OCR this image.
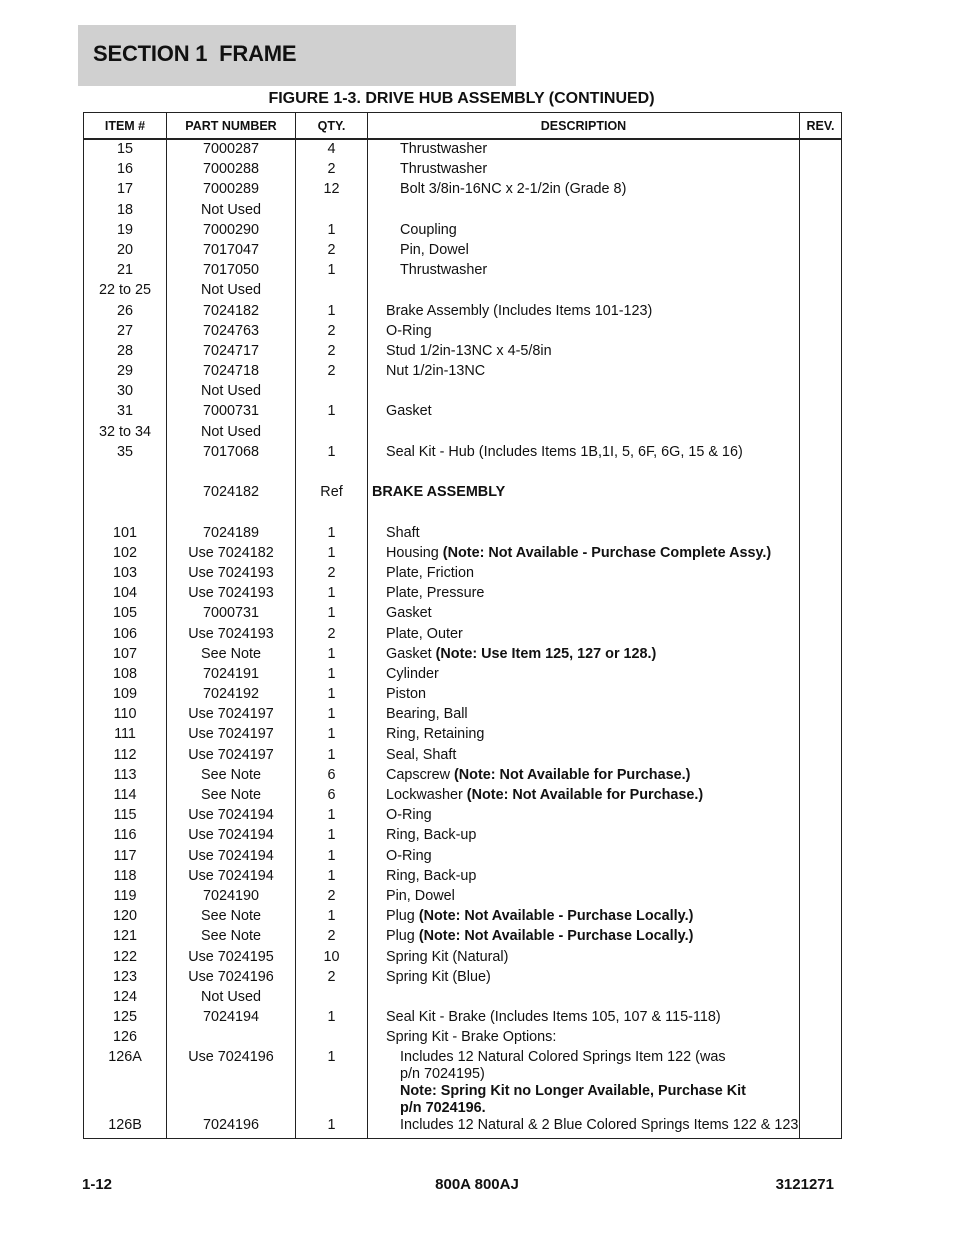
SECTION 1  FRAME
FIGURE 1-3. DRIVE HUB ASSEMBLY (CONTINUED)
ITEM #	PART NUMBER	QTY.	DESCRIPTION	REV.
15	7000287	4	Thrustwasher	

16	7000288	2	Thrustwasher	

17	7000289	12	Bolt 3/8in-16NC x 2-1/2in (Grade 8)	

18	Not Used		

19	7000290	1	Coupling	

20	7017047	2	Pin, Dowel	

21	7017050	1	Thrustwasher	

22 to 25	Not Used		

26	7024182	1	Brake Assembly (Includes Items 101-123)	

27	7024763	2	O-Ring	

28	7024717	2	Stud 1/2in-13NC x 4-5/8in	

29	7024718	2	Nut 1/2in-13NC	

30	Not Used		

31	7000731	1	Gasket	

32 to 34	Not Used		

35	7017068	1	Seal Kit - Hub (Includes Items 1B,1I, 5, 6F, 6G, 15 & 16)	

	7024182	Ref	BRAKE ASSEMBLY	

101	7024189	1	Shaft	

102	Use 7024182	1	Housing (Note: Not Available - Purchase Complete Assy.)	

103	Use 7024193	2	Plate, Friction	

104	Use 7024193	1	Plate, Pressure	

105	7000731	1	Gasket	

106	Use 7024193	2	Plate, Outer	

107	See Note	1	Gasket (Note: Use Item 125, 127 or 128.)	

108	7024191	1	Cylinder	

109	7024192	1	Piston	

110	Use 7024197	1	Bearing, Ball	

111	Use 7024197	1	Ring, Retaining	

112	Use 7024197	1	Seal, Shaft	

113	See Note	6	Capscrew (Note: Not Available for Purchase.)	

114	See Note	6	Lockwasher (Note: Not Available for Purchase.)	

115	Use 7024194	1	O-Ring	

116	Use 7024194	1	Ring, Back-up	

117	Use 7024194	1	O-Ring	

118	Use 7024194	1	Ring, Back-up	

119	7024190	2	Pin, Dowel	

120	See Note	1	Plug (Note: Not Available - Purchase Locally.)	

121	See Note	2	Plug (Note: Not Available - Purchase Locally.)	

122	Use 7024195	10	Spring Kit (Natural)	

123	Use 7024196	2	Spring Kit (Blue)	

124	Not Used		

125	7024194	1	Seal Kit - Brake (Includes Items 105, 107 & 115-118)	

126			Spring Kit - Brake Options:	

126A	Use 7024196	1	Includes 12 Natural Colored Springs Item 122 (was
p/n 7024195)
Note: Spring Kit no Longer Available, Purchase Kit
p/n 7024196.	

126B	7024196	1	Includes 12 Natural & 2 Blue Colored Springs Items 122 & 123	

1-12	800A 800AJ	3121271
